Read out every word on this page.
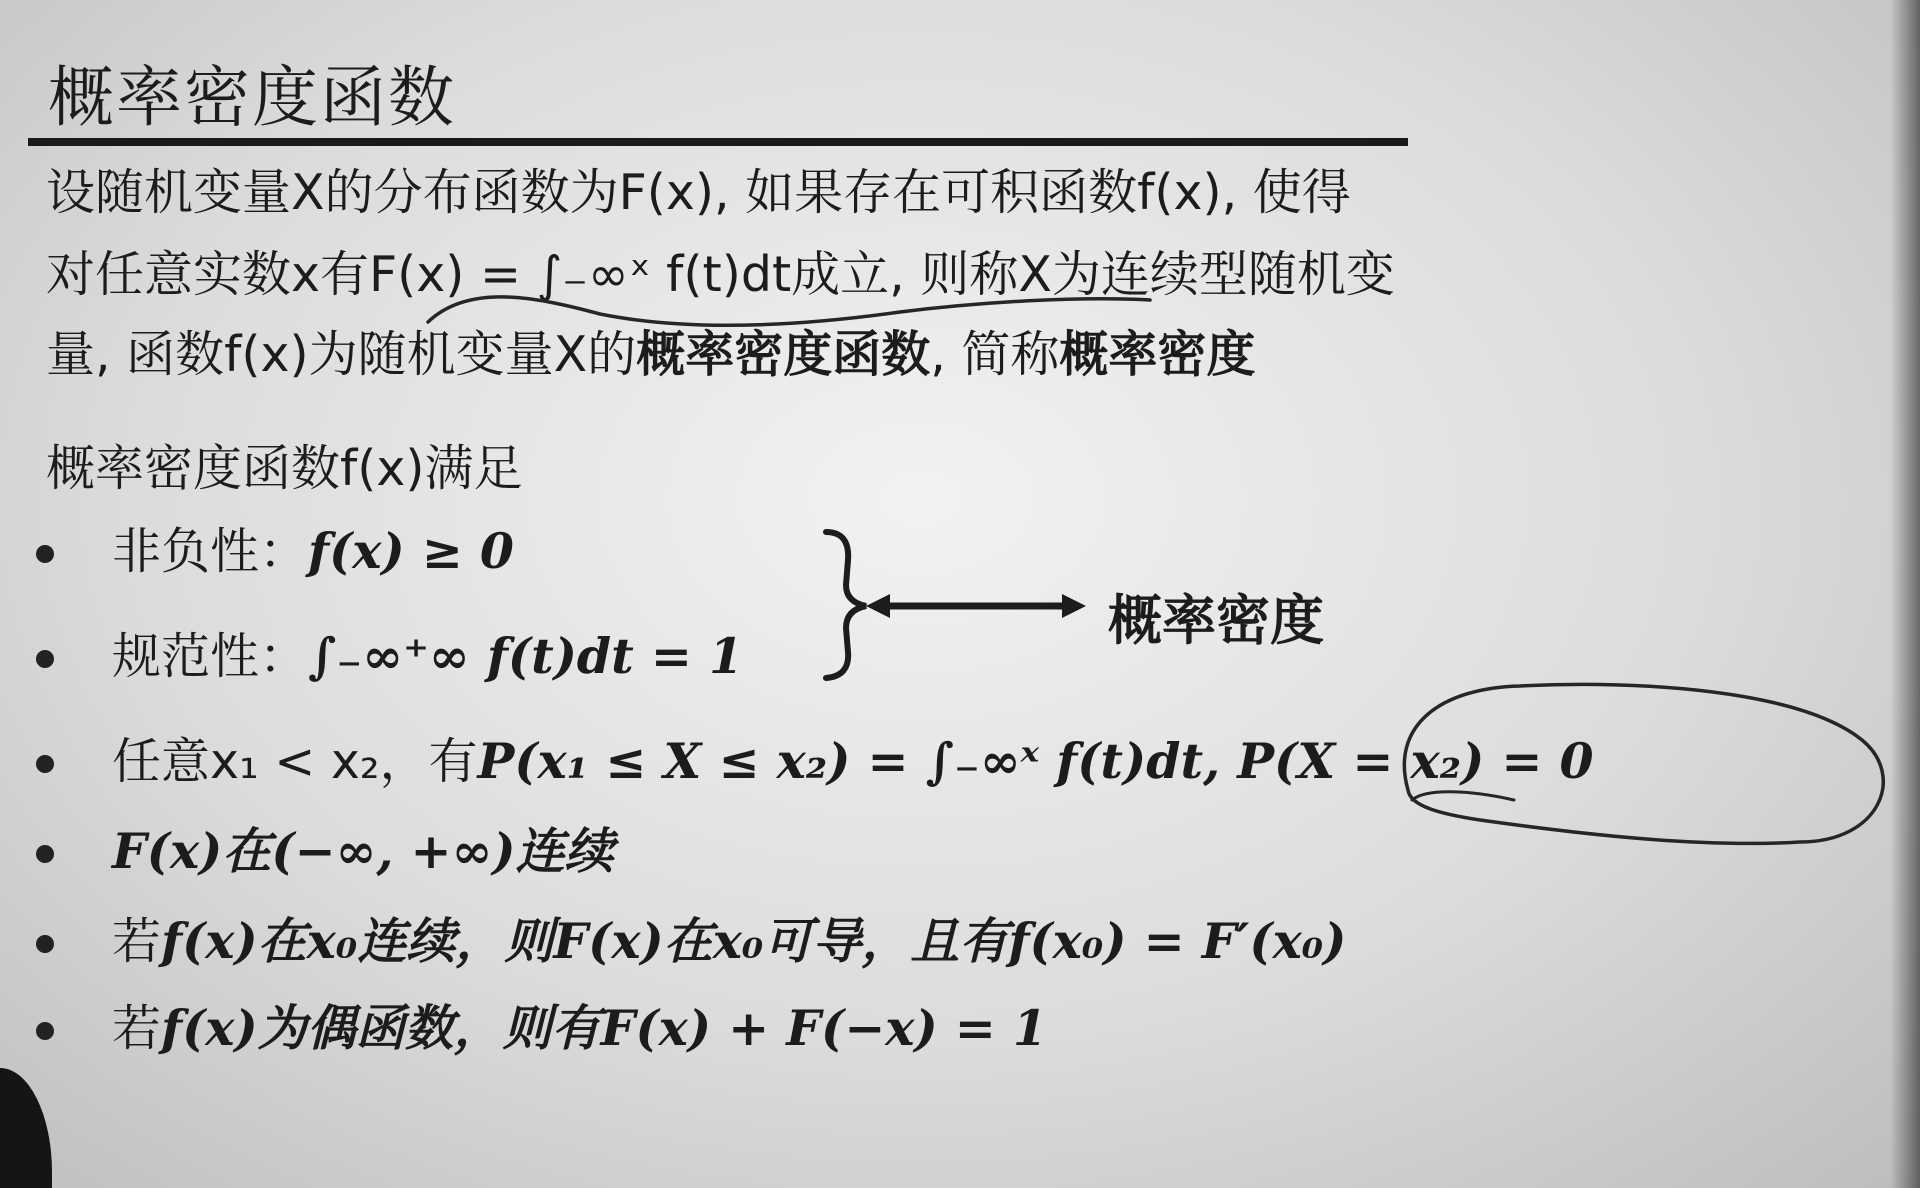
概率密度函数
设随机变量X的分布函数为F(x), 如果存在可积函数f(x), 使得
对任意实数x有F(x) = ∫₋∞ˣ f(t)dt成立, 则称X为连续型随机变
量, 函数f(x)为随机变量X的概率密度函数, 简称概率密度
概率密度函数f(x)满足
非负性：f(x) ≥ 0
规范性：∫₋∞⁺∞ f(t)dt = 1
任意x₁ < x₂，有P(x₁ ≤ X ≤ x₂) = ∫₋∞ˣ f(t)dt, P(X = x₂) = 0
F(x)在(−∞, +∞)连续
若f(x)在x₀连续，则F(x)在x₀可导，且有f(x₀) = F′(x₀)
若f(x)为偶函数，则有F(x) + F(−x) = 1
概率密度
